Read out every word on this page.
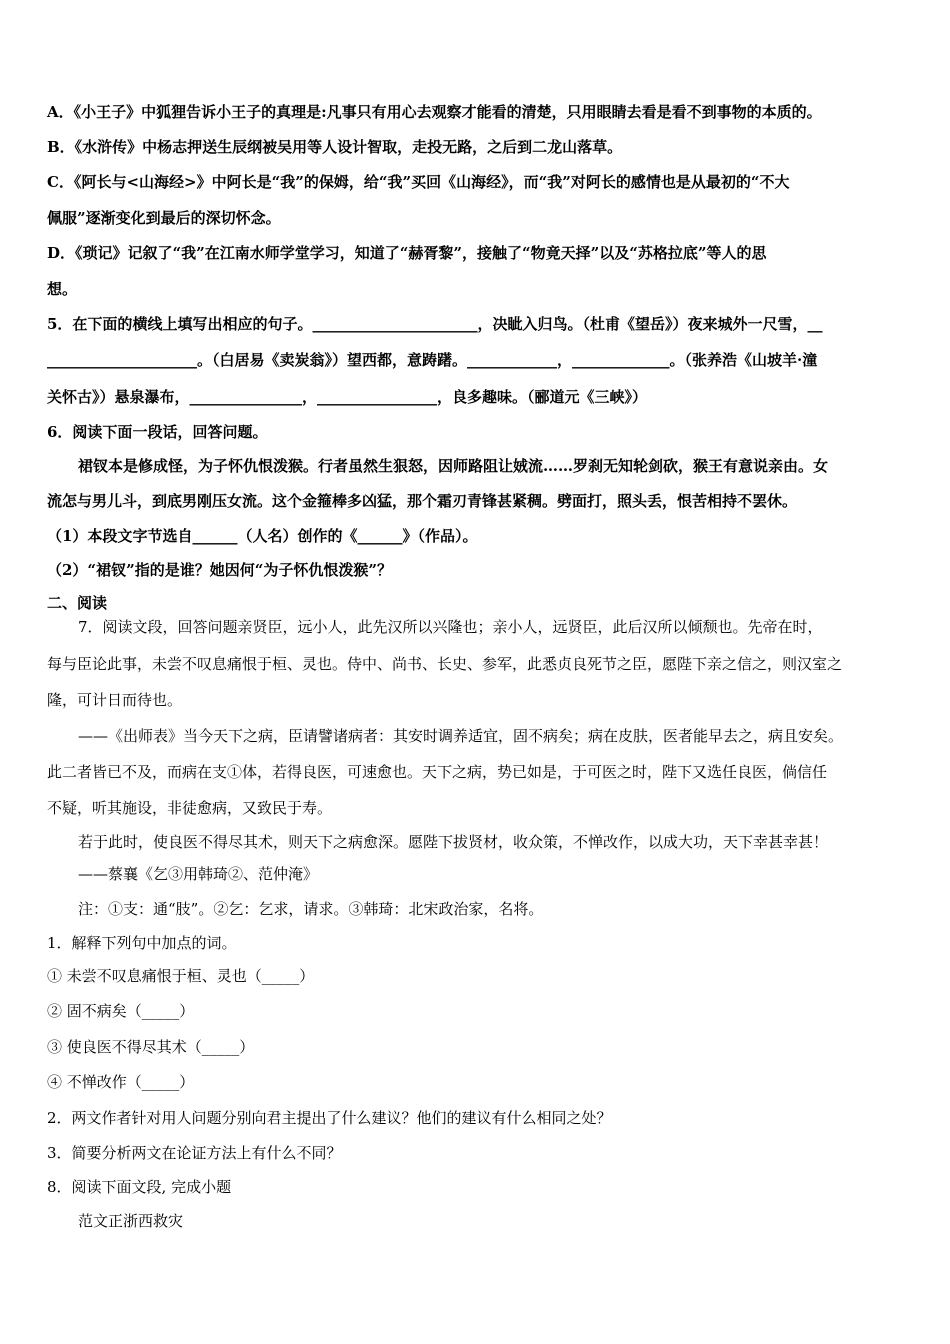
A．《小王子》中狐狸告诉小王子的真理是:凡事只有用心去观察才能看的清楚，只用眼睛去看是看不到事物的本质的。
B．《水浒传》中杨志押送生辰纲被吴用等人设计智取，走投无路，之后到二龙山落草。
C．《阿长与<山海经>》中阿长是“我”的保姆，给“我”买回《山海经》，而“我”对阿长的感情也是从最初的“不大
佩服”逐渐变化到最后的深切怀念。
D．《琐记》记叙了“我”在江南水师学堂学习，知道了“赫胥黎”，接触了“物竟天择”以及“苏格拉底”等人的思
想。
5．在下面的横线上填写出相应的句子。______________________，决眦入归鸟。（杜甫《望岳》）夜来城外一尺雪，__
____________________。（白居易《卖炭翁》）望西都，意踌躇。____________，_____________。（张养浩《山坡羊·潼
关怀古》）悬泉瀑布，_______________，________________，良多趣味。（郦道元《三峡》）
6．阅读下面一段话，回答问题。
裙钗本是修成怪，为子怀仇恨泼猴。行者虽然生狠怒，因师路阻让娀流……罗刹无知轮剑砍，猴王有意说亲由。女
流怎与男儿斗，到底男刚压女流。这个金箍棒多凶猛，那个霜刃青锋甚紧稠。劈面打，照头丢，恨苦相持不罢休。
（1）本段文字节选自______（人名）创作的《______》（作品）。
（2）“裙钗”指的是谁？她因何“为子怀仇恨泼猴”？
二、阅读
7．阅读文段，回答问题亲贤臣，远小人，此先汉所以兴隆也；亲小人，远贤臣，此后汉所以倾颓也。先帝在时，
每与臣论此事，未尝不叹息痛恨于桓、灵也。侍中、尚书、长史、参军，此悉贞良死节之臣，愿陛下亲之信之，则汉室之
隆，可计日而待也。
——《出师表》当今天下之病，臣请譬诸病者：其安时调养适宜，固不病矣；病在皮肤，医者能早去之，病且安矣。
此二者皆已不及，而病在支①体，若得良医，可速愈也。天下之病，势已如是，于可医之时，陛下又选任良医，倘信任
不疑，听其施设，非徒愈病，又致民于寿。
若于此时，使良医不得尽其术，则天下之病愈深。愿陛下拔贤材，收众策，不惮改作，以成大功，天下幸甚幸甚！
——蔡襄《乞③用韩琦②、范仲淹》
注：①支：通“肢”。②乞：乞求，请求。③韩琦：北宋政治家，名将。
1．解释下列句中加点的词。
① 未尝不叹息痛恨于桓、灵也（_____）
② 固不病矣（_____）
③ 使良医不得尽其术（_____）
④ 不惮改作（_____）
2．两文作者针对用人问题分别向君主提出了什么建议？他们的建议有什么相同之处？
3．简要分析两文在论证方法上有什么不同？
8．阅读下面文段, 完成小题
范文正浙西救灾
